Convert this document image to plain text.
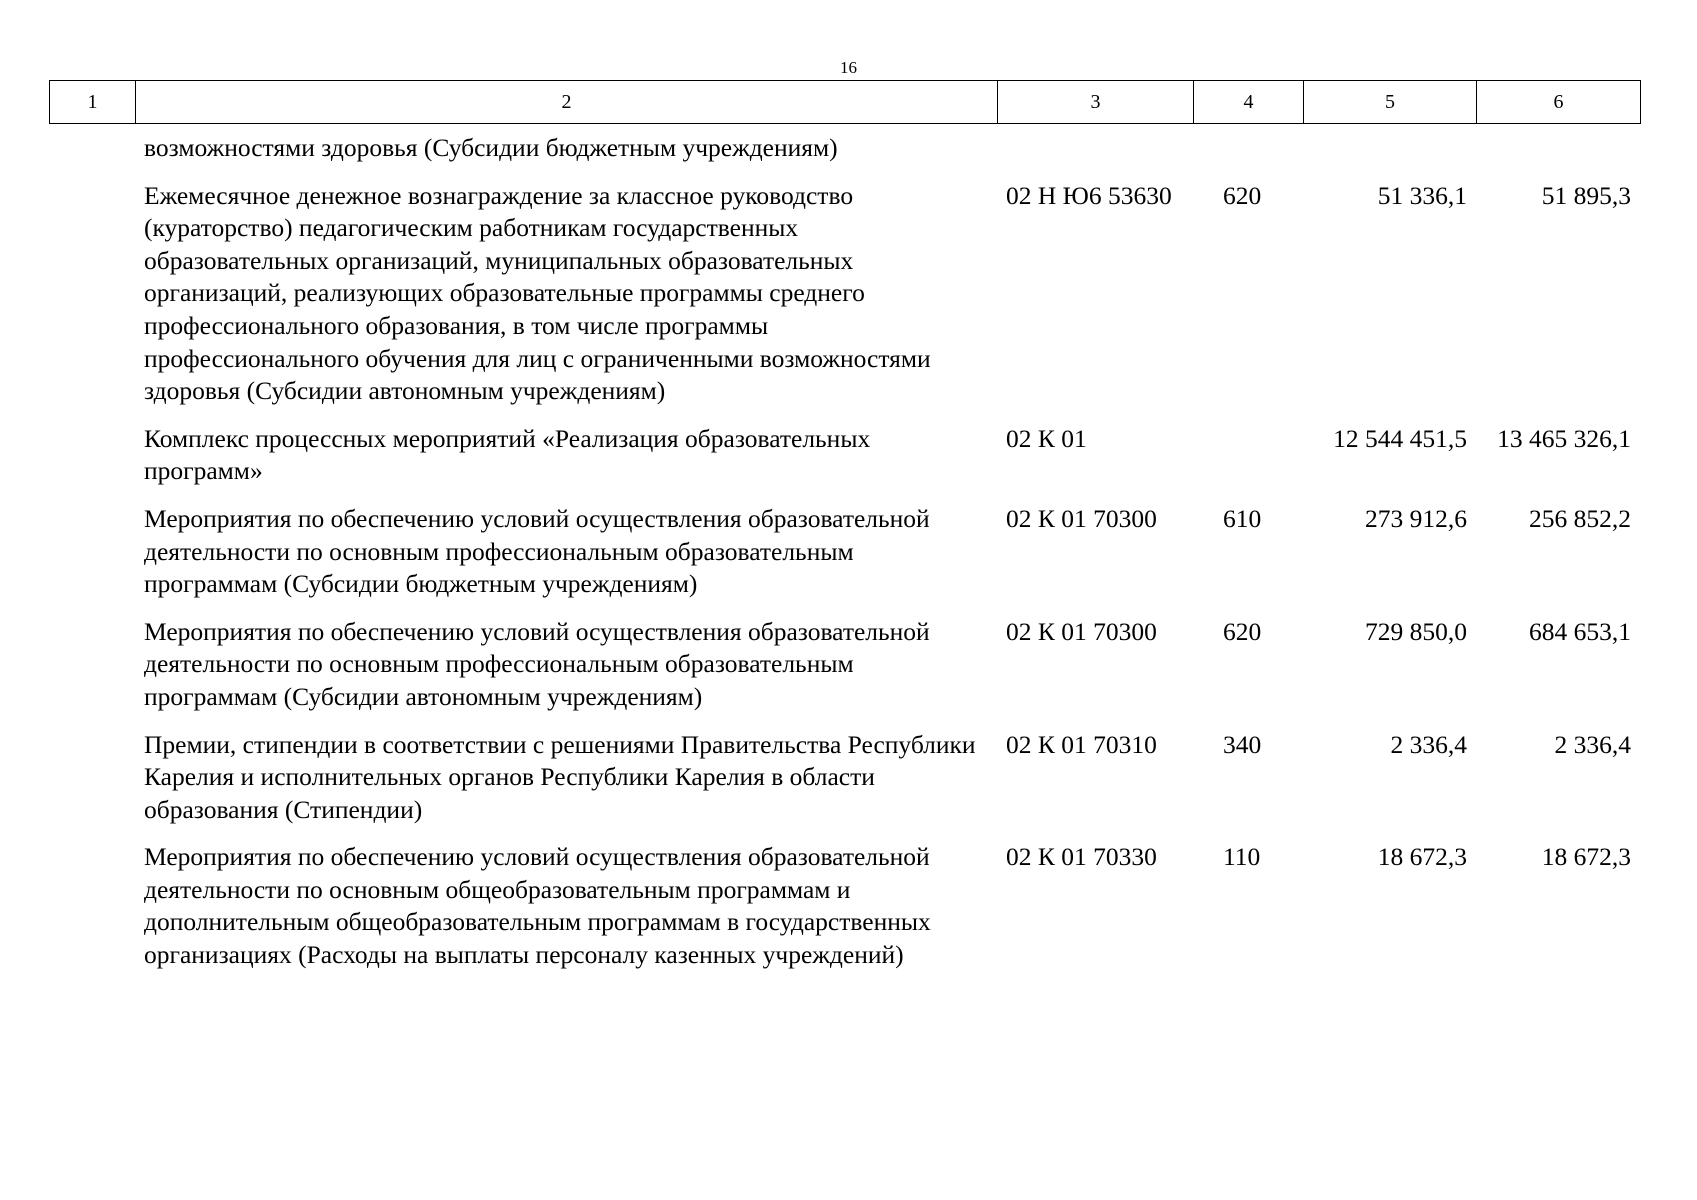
16
1	2	3	4	5	6
возможностями здоровья (Субсидии бюджетным учреждениям)				
Ежемесячное денежное вознаграждение за классное руководство (кураторство) педагогическим работникам государственных образовательных организаций, муниципальных образовательных организаций, реализующих образовательные программы среднего профессионального образования, в том числе программы профессионального обучения для лиц с ограниченными возможностями здоровья (Субсидии автономным учреждениям)	02 Н Ю6 53630	620	51 336,1	51 895,3
Комплекс процессных мероприятий «Реализация образовательных программ»	02 К 01		12 544 451,5	13 465 326,1
Мероприятия по обеспечению условий осуществления образовательной деятельности по основным профессиональным образовательным программам (Субсидии бюджетным учреждениям)	02 К 01 70300	610	273 912,6	256 852,2
Мероприятия по обеспечению условий осуществления образовательной деятельности по основным профессиональным образовательным программам (Субсидии автономным учреждениям)	02 К 01 70300	620	729 850,0	684 653,1
Премии, стипендии в соответствии с решениями Правительства Республики Карелия и исполнительных органов Республики Карелия в области образования (Стипендии)	02 К 01 70310	340	2 336,4	2 336,4
Мероприятия по обеспечению условий осуществления образовательной деятельности по основным общеобразовательным программам и дополнительным общеобразовательным программам в государственных организациях (Расходы на выплаты персоналу казенных учреждений)	02 К 01 70330	110	18 672,3	18 672,3
